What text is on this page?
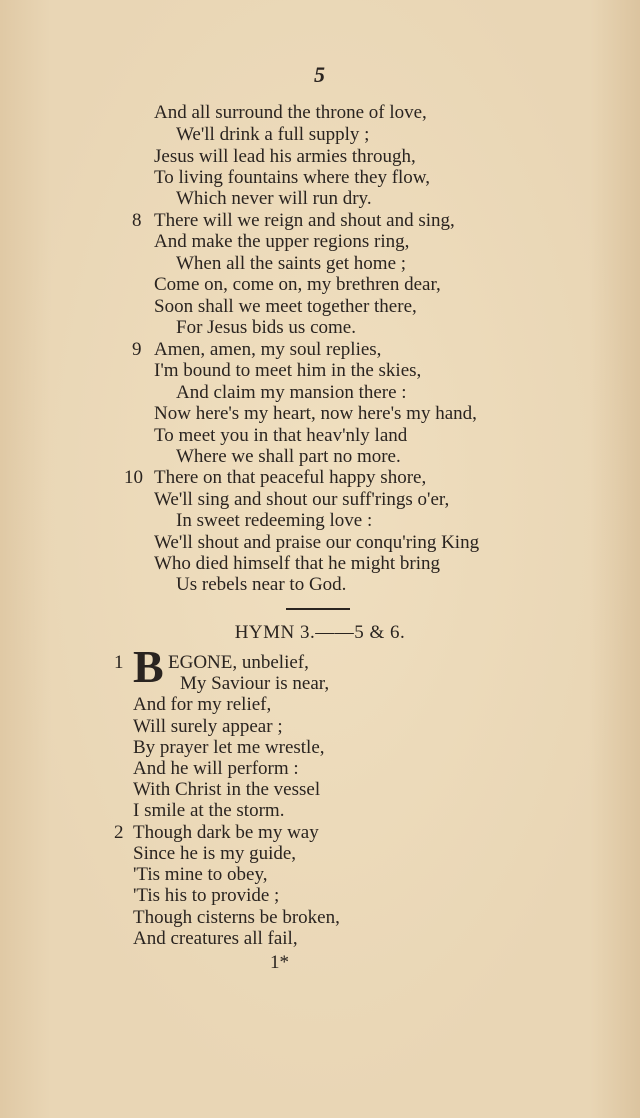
5
And all surround the throne of love,
We'll drink a full supply ;
Jesus will lead his armies through,
To living fountains where they flow,
Which never will run dry.
8 There will we reign and shout and sing,
And make the upper regions ring,
When all the saints get home ;
Come on, come on, my brethren dear,
Soon shall we meet together there,
For Jesus bids us come.
9 Amen, amen, my soul replies,
I'm bound to meet him in the skies,
And claim my mansion there :
Now here's my heart, now here's my hand,
To meet you in that heav'nly land
Where we shall part no more.
10 There on that peaceful happy shore,
We'll sing and shout our suff'rings o'er,
In sweet redeeming love :
We'll shout and praise our conqu'ring King
Who died himself that he might bring
Us rebels near to God.
HYMN 3.——5 & 6.
1 B EGONE, unbelief,
My Saviour is near,
And for my relief,
Will surely appear ;
By prayer let me wrestle,
And he will perform :
With Christ in the vessel
I smile at the storm.
2 Though dark be my way
Since he is my guide,
'Tis mine to obey,
'Tis his to provide ;
Though cisterns be broken,
And creatures all fail,
1*
